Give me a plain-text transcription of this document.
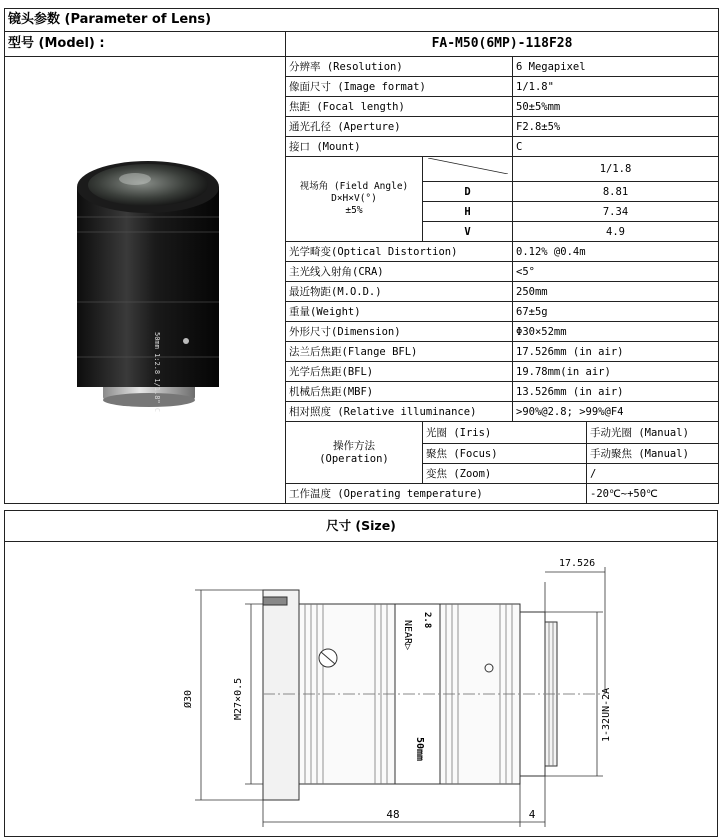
镜头参数 (Parameter of Lens)				
型号 (Model) :	FA-M50(6MP)-118F28			

50mm 1:2.8 1/1.8" C	分辨率 (Resolution)		6 Megapixel	
	像面尺寸 (Image format)		1/1.8"	
	焦距 (Focal length)		50±5%mm	
	通光孔径 (Aperture)		F2.8±5%	
	接口 (Mount)		C	
	视场角 (Field Angle)
D×H×V(°)
±5%		1/1.8	
		D	8.81	
		H	7.34	
		V	4.9	
	光学畸变(Optical Distortion)		0.12% @0.4m	
	主光线入射角(CRA)		<5°	
	最近物距(M.O.D.)		250mm	
	重量(Weight)		67±5g	
	外形尺寸(Dimension)		Φ30×52mm	
	法兰后焦距(Flange BFL)		17.526mm (in air)	
	光学后焦距(BFL)		19.78mm(in air)	
	机械后焦距(MBF)		13.526mm (in air)	
	相对照度 (Relative illuminance)		>90%@2.8; >99%@F4	
	操作方法
(Operation)	光圈 (Iris)		手动光圈 (Manual)
		聚焦 (Focus)		手动聚焦 (Manual)
		变焦 (Zoom)		/
	工作温度 (Operating temperature)			-20℃~+50℃
尺寸 (Size)
NEAR▷ 2.8
50mm
17.526
Ø30	M27×0.5	1-32UN-2A
48	4
